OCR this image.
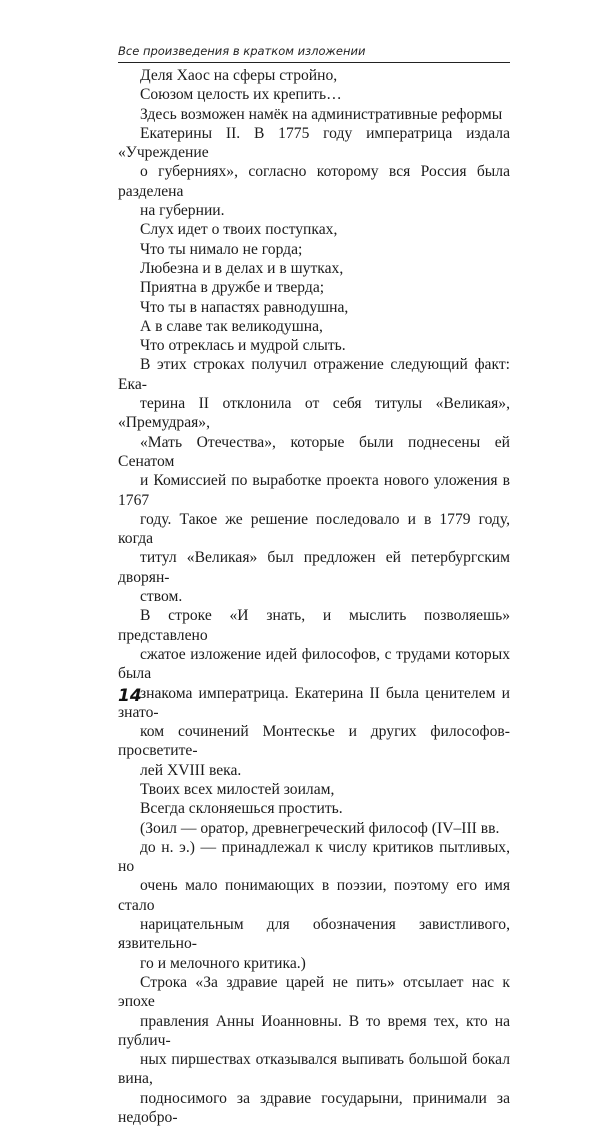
Все произведения в кратком изложении
Деля Хаос на сферы стройно,
Союзом целость их крепить…
Здесь возможен намёк на административные реформы
Екатерины II. В 1775 году императрица издала «Учреждение
о губерниях», согласно которому вся Россия была разделена
на губернии.
Слух идет о твоих поступках,
Что ты нимало не горда;
Любезна и в делах и в шутках,
Приятна в дружбе и тверда;
Что ты в напастях равнодушна,
А в славе так великодушна,
Что отреклась и мудрой слыть.
В этих строках получил отражение следующий факт: Ека-
терина II отклонила от себя титулы «Великая», «Премудрая»,
«Мать Отечества», которые были поднесены ей Сенатом
и Комиссией по выработке проекта нового уложения в 1767
году. Такое же решение последовало и в 1779 году, когда
титул «Великая» был предложен ей петербургским дворян-
ством.
В строке «И знать, и мыслить позволяешь» представлено
сжатое изложение идей философов, с трудами которых была
знакома императрица. Екатерина II была ценителем и знато-
ком сочинений Монтескье и других философов-просветите-
лей XVIII века.
Твоих всех милостей зоилам,
Всегда склоняешься простить.
(Зоил — оратор, древнегреческий философ (IV–III вв.
до н. э.) — принадлежал к числу критиков пытливых, но
очень мало понимающих в поэзии, поэтому его имя стало
нарицательным для обозначения завистливого, язвительно-
го и мелочного критика.)
Строка «За здравие царей не пить» отсылает нас к эпохе
правления Анны Иоанновны. В то время тех, кто на публич-
ных пиршествах отказывался выпивать большой бокал вина,
подносимого за здравие государыни, принимали за недобро-
14
